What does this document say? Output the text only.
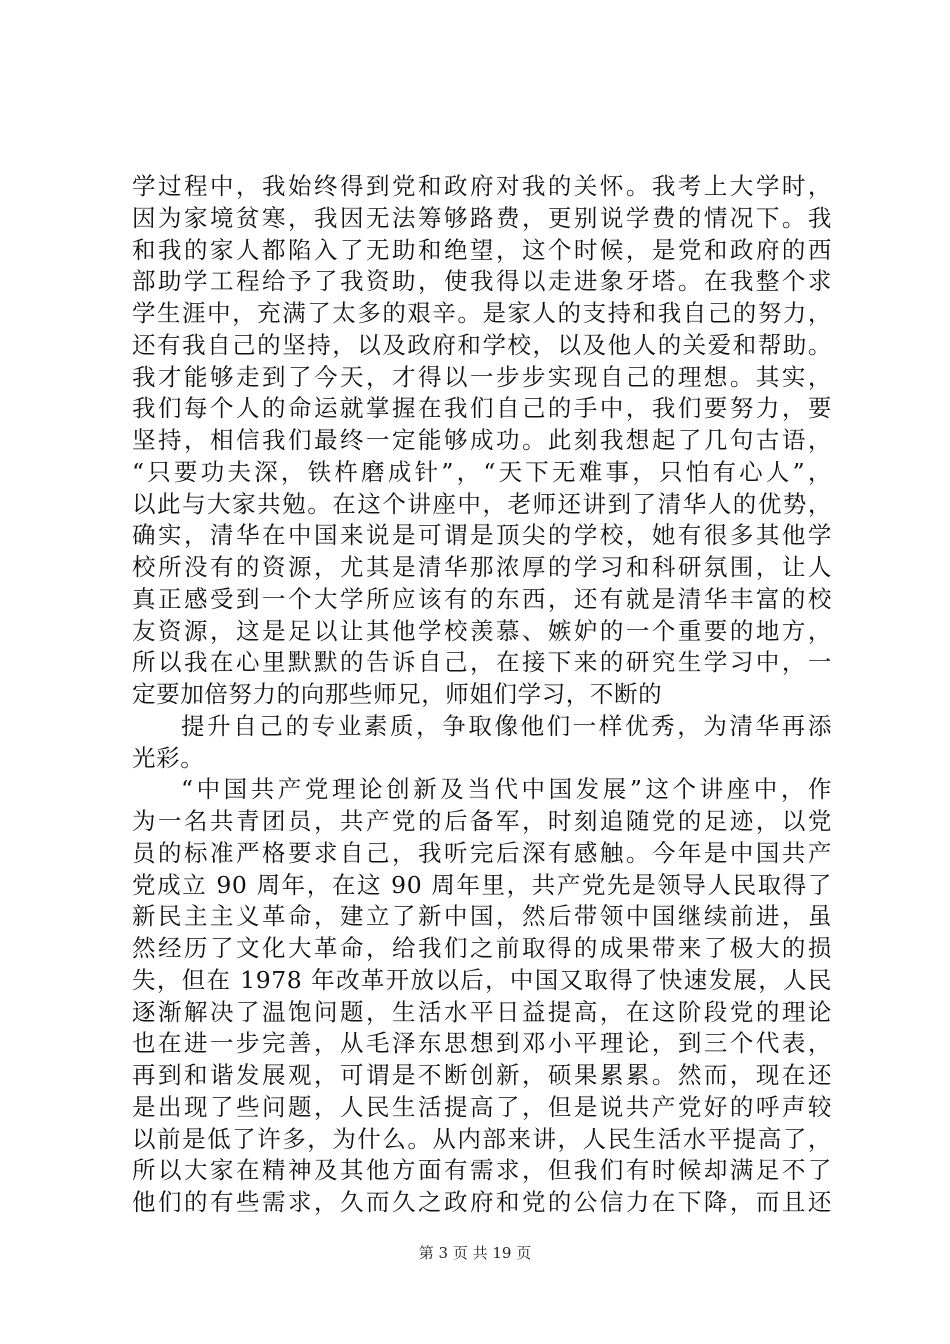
学过程中，我始终得到党和政府对我的关怀。我考上大学时，
因为家境贫寒，我因无法筹够路费，更别说学费的情况下。我
和我的家人都陷入了无助和绝望，这个时候，是党和政府的西
部助学工程给予了我资助，使我得以走进象牙塔。在我整个求
学生涯中，充满了太多的艰辛。是家人的支持和我自己的努力，
还有我自己的坚持，以及政府和学校，以及他人的关爱和帮助。
我才能够走到了今天，才得以一步步实现自己的理想。其实，
我们每个人的命运就掌握在我们自己的手中，我们要努力，要
坚持，相信我们最终一定能够成功。此刻我想起了几句古语，
“只要功夫深，铁杵磨成针”，“天下无难事，只怕有心人”，
以此与大家共勉。在这个讲座中，老师还讲到了清华人的优势，
确实，清华在中国来说是可谓是顶尖的学校，她有很多其他学
校所没有的资源，尤其是清华那浓厚的学习和科研氛围，让人
真正感受到一个大学所应该有的东西，还有就是清华丰富的校
友资源，这是足以让其他学校羡慕、嫉妒的一个重要的地方，
所以我在心里默默的告诉自己，在接下来的研究生学习中，一
定要加倍努力的向那些师兄，师姐们学习，不断的
提升自己的专业素质，争取像他们一样优秀，为清华再添
光彩。
“中国共产党理论创新及当代中国发展”这个讲座中，作
为一名共青团员，共产党的后备军，时刻追随党的足迹，以党
员的标准严格要求自己，我听完后深有感触。今年是中国共产
党成立 90 周年，在这 90 周年里，共产党先是领导人民取得了
新民主主义革命，建立了新中国，然后带领中国继续前进，虽
然经历了文化大革命，给我们之前取得的成果带来了极大的损
失，但在 1978 年改革开放以后，中国又取得了快速发展，人民
逐渐解决了温饱问题，生活水平日益提高，在这阶段党的理论
也在进一步完善，从毛泽东思想到邓小平理论，到三个代表，
再到和谐发展观，可谓是不断创新，硕果累累。然而，现在还
是出现了些问题，人民生活提高了，但是说共产党好的呼声较
以前是低了许多，为什么。从内部来讲，人民生活水平提高了，
所以大家在精神及其他方面有需求，但我们有时候却满足不了
他们的有些需求，久而久之政府和党的公信力在下降，而且还
第 3 页 共 19 页
